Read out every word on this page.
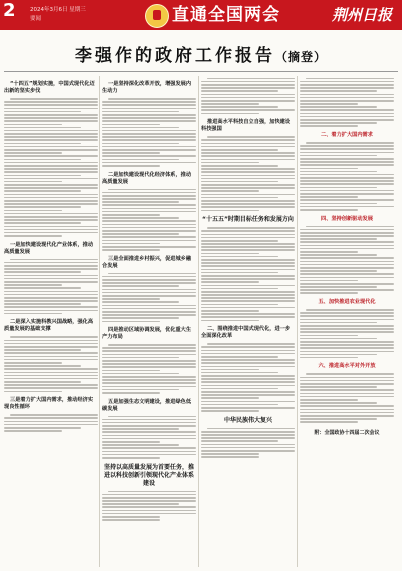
2	2024年3月6日 星期三
要闻	直通全国两会	荆州日报
李强作的政府工作报告（摘登）
“十四五”规划实施，中国式现代化迈出新的坚实步伐
一是加快建设现代化产业体系，推动高质量发展
二是深入实施科教兴国战略，强化高质量发展的基础支撑
三是着力扩大国内需求，推动经济实现良性循环
一是坚持深化改革开放，增强发展内生动力
二是加快建设现代化经济体系，推动高质量发展
三是全面推进乡村振兴，促进城乡融合发展
四是推动区域协调发展，优化重大生产力布局
五是加强生态文明建设，推进绿色低碳发展
坚持以高质量发展为首要任务，推进以科技创新引领现代化产业体系建设
推进高水平科技自立自强，加快建设科技强国
“十五五”时期目标任务和发展方向
二、围绕推进中国式现代化，进一步全面深化改革
中华民族伟大复兴
二、着力扩大国内需求
四、坚持创新驱动发展
五、加快推进农业现代化
六、推进高水平对外开放
附：全国政协十四届二次会议
